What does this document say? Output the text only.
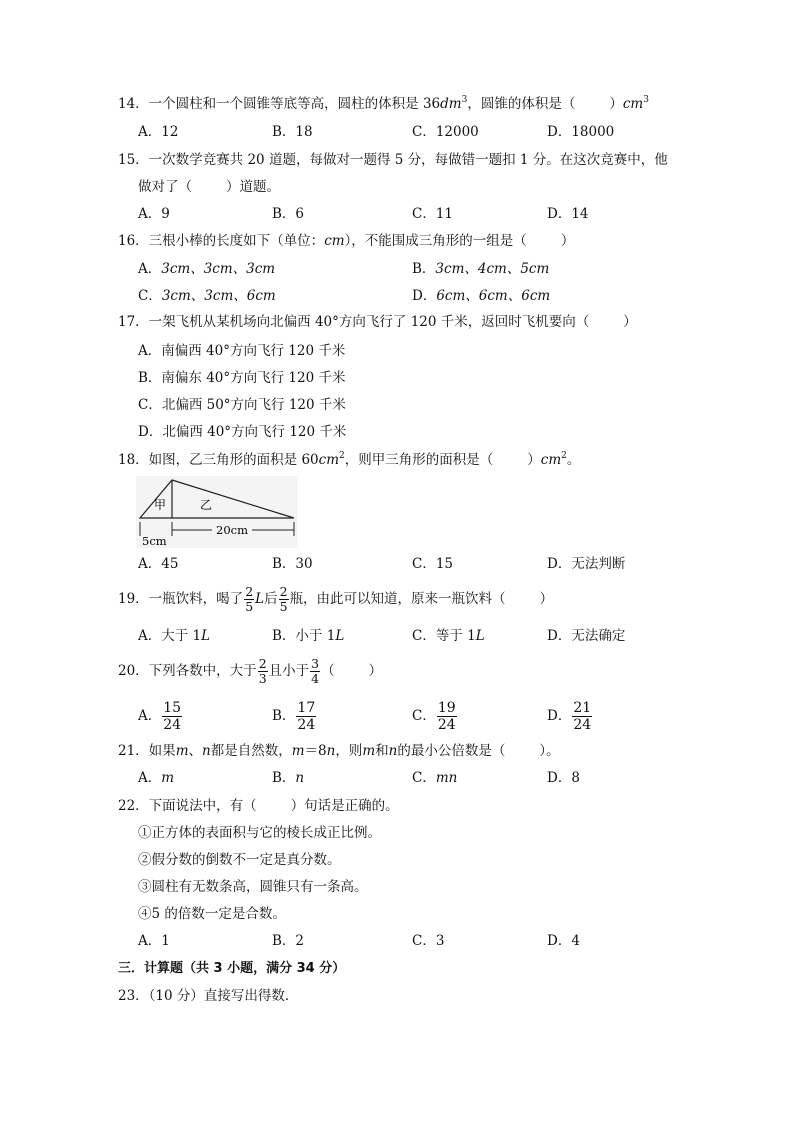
14．一个圆柱和一个圆锥等底等高，圆柱的体积是 $36dm^3$，圆锥的体积是（	）$cm^3$
A．12	B．18	C．12000	D．18000
15．一次数学竞赛共 20 道题，每做对一题得 5 分，每做错一题扣 1 分。在这次竞赛中，他
做对了（	）道题。
A．9	B．6	C．11	D．14
16．三根小棒的长度如下（单位：cm），不能围成三角形的一组是（	）
A．3cm、3cm、3cm	B．3cm、4cm、5cm
C．3cm、3cm、6cm	D．6cm、6cm、6cm
17．一架飞机从某机场向北偏西 40°方向飞行了 120 千米，返回时飞机要向（	）
A．南偏西 40°方向飞行 120 千米
B．南偏东 40°方向飞行 120 千米
C．北偏西 50°方向飞行 120 千米
D．北偏西 40°方向飞行 120 千米
18．如图，乙三角形的面积是 $60cm^2$，则甲三角形的面积是（	）$cm^2$。
甲	乙
20cm
5cm
A．45	B．30	C．15	D．无法判断
19．一瓶饮料，喝了 $\frac{2}{5}$ L后 $\frac{2}{5}$ 瓶，由此可以知道，原来一瓶饮料（	）
A．大于 1L	B．小于 1L	C．等于 1L	D．无法确定
20．下列各数中，大于 $\frac{2}{3}$ 且小于 $\frac{3}{4}$ （	）
A． $\frac{15}{24}$	B． $\frac{17}{24}$	C． $\frac{19}{24}$	D． $\frac{21}{24}$
21．如果m、n都是自然数，m＝8n，则m和n的最小公倍数是（	）。
A．m	B．n	C．mn	D．8
22．下面说法中，有（	）句话是正确的。
①正方体的表面积与它的棱长成正比例。
②假分数的倒数不一定是真分数。
③圆柱有无数条高，圆锥只有一条高。
④5 的倍数一定是合数。
A．1	B．2	C．3	D．4
三．计算题（共 3 小题，满分 34 分）
23．（10 分）直接写出得数．
